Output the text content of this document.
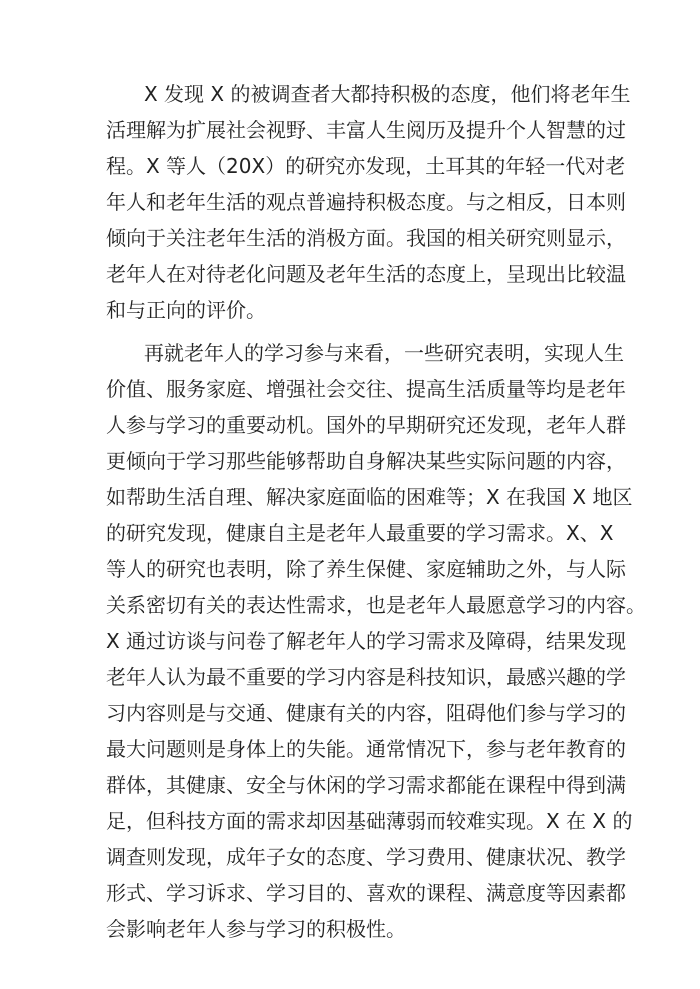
X 发现 X 的被调查者大都持积极的态度，他们将老年生
活理解为扩展社会视野、丰富人生阅历及提升个人智慧的过
程。X 等人（20X）的研究亦发现，土耳其的年轻一代对老
年人和老年生活的观点普遍持积极态度。与之相反，日本则
倾向于关注老年生活的消极方面。我国的相关研究则显示，
老年人在对待老化问题及老年生活的态度上，呈现出比较温
和与正向的评价。
再就老年人的学习参与来看，一些研究表明，实现人生
价值、服务家庭、增强社会交往、提高生活质量等均是老年
人参与学习的重要动机。国外的早期研究还发现，老年人群
更倾向于学习那些能够帮助自身解决某些实际问题的内容，
如帮助生活自理、解决家庭面临的困难等；X 在我国 X 地区
的研究发现，健康自主是老年人最重要的学习需求。X、X
等人的研究也表明，除了养生保健、家庭辅助之外，与人际
关系密切有关的表达性需求，也是老年人最愿意学习的内容。
X 通过访谈与问卷了解老年人的学习需求及障碍，结果发现
老年人认为最不重要的学习内容是科技知识，最感兴趣的学
习内容则是与交通、健康有关的内容，阻碍他们参与学习的
最大问题则是身体上的失能。通常情况下，参与老年教育的
群体，其健康、安全与休闲的学习需求都能在课程中得到满
足，但科技方面的需求却因基础薄弱而较难实现。X 在 X 的
调查则发现，成年子女的态度、学习费用、健康状况、教学
形式、学习诉求、学习目的、喜欢的课程、满意度等因素都
会影响老年人参与学习的积极性。
